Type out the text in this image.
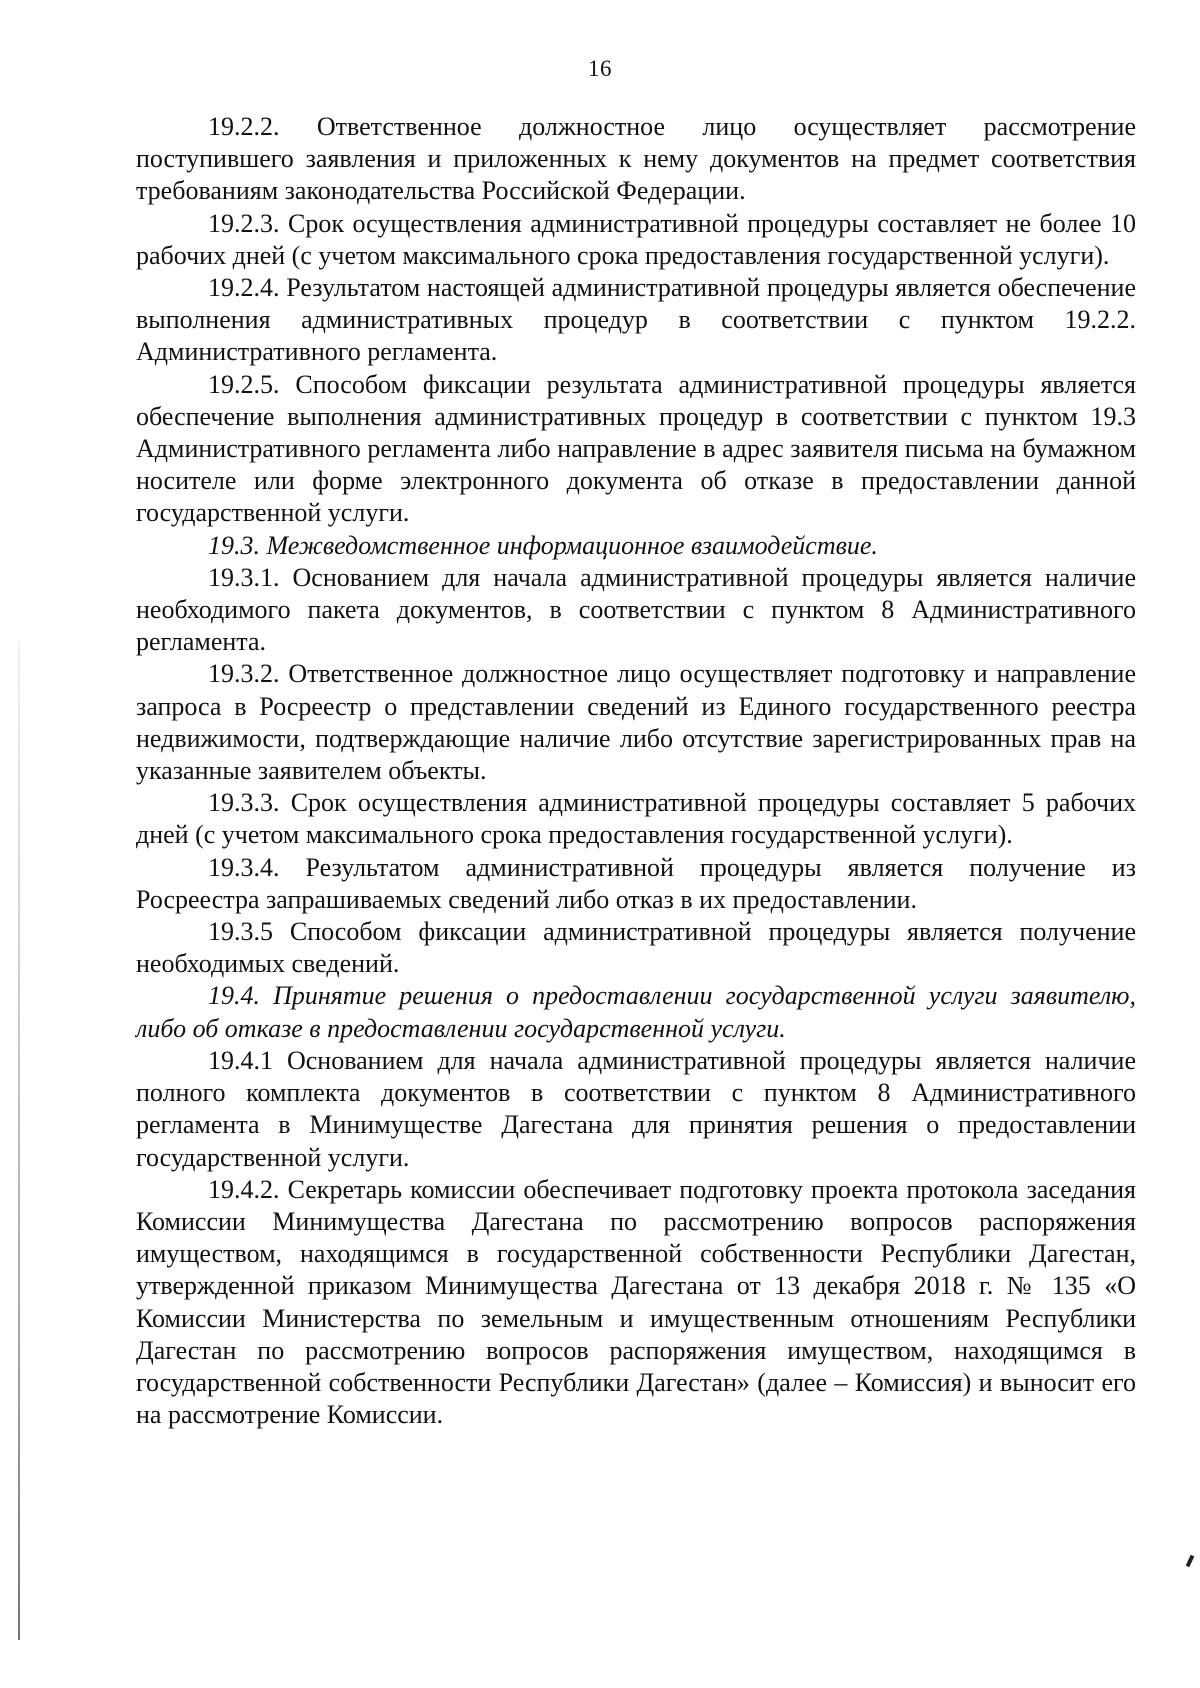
16

19.2.2. Ответственное должностное лицо осуществляет рассмотрение поступившего заявления и приложенных к нему документов на предмет соответствия требованиям законодательства Российской Федерации.

19.2.3. Срок осуществления административной процедуры составляет не более 10 рабочих дней (с учетом максимального срока предоставления государственной услуги).

19.2.4. Результатом настоящей административной процедуры является обеспечение выполнения административных процедур в соответствии с пунктом 19.2.2. Административного регламента.

19.2.5. Способом фиксации результата административной процедуры является обеспечение выполнения административных процедур в соответствии с пунктом 19.3 Административного регламента либо направление в адрес заявителя письма на бумажном носителе или форме электронного документа об отказе в предоставлении данной государственной услуги.

19.3. Межведомственное информационное взаимодействие.

19.3.1. Основанием для начала административной процедуры является наличие необходимого пакета документов, в соответствии с пунктом 8 Административного регламента.

19.3.2. Ответственное должностное лицо осуществляет подготовку и направление запроса в Росреестр о представлении сведений из Единого государственного реестра недвижимости, подтверждающие наличие либо отсутствие зарегистрированных прав на указанные заявителем объекты.

19.3.3. Срок осуществления административной процедуры составляет 5 рабочих дней (с учетом максимального срока предоставления государственной услуги).

19.3.4. Результатом административной процедуры является получение из Росреестра запрашиваемых сведений либо отказ в их предоставлении.

19.3.5 Способом фиксации административной процедуры является получение необходимых сведений.

19.4. Принятие решения о предоставлении государственной услуги заявителю, либо об отказе в предоставлении государственной услуги.

19.4.1 Основанием для начала административной процедуры является наличие полного комплекта документов в соответствии с пунктом 8 Административного регламента в Минимуществе Дагестана для принятия решения о предоставлении государственной услуги.

19.4.2. Секретарь комиссии обеспечивает подготовку проекта протокола заседания Комиссии Минимущества Дагестана по рассмотрению вопросов распоряжения имуществом, находящимся в государственной собственности Республики Дагестан, утвержденной приказом Минимущества Дагестана от 13 декабря 2018 г. № 135 «О Комиссии Министерства по земельным и имущественным отношениям Республики Дагестан по рассмотрению вопросов распоряжения имуществом, находящимся в государственной собственности Республики Дагестан» (далее – Комиссия) и выносит его на рассмотрение Комиссии.
